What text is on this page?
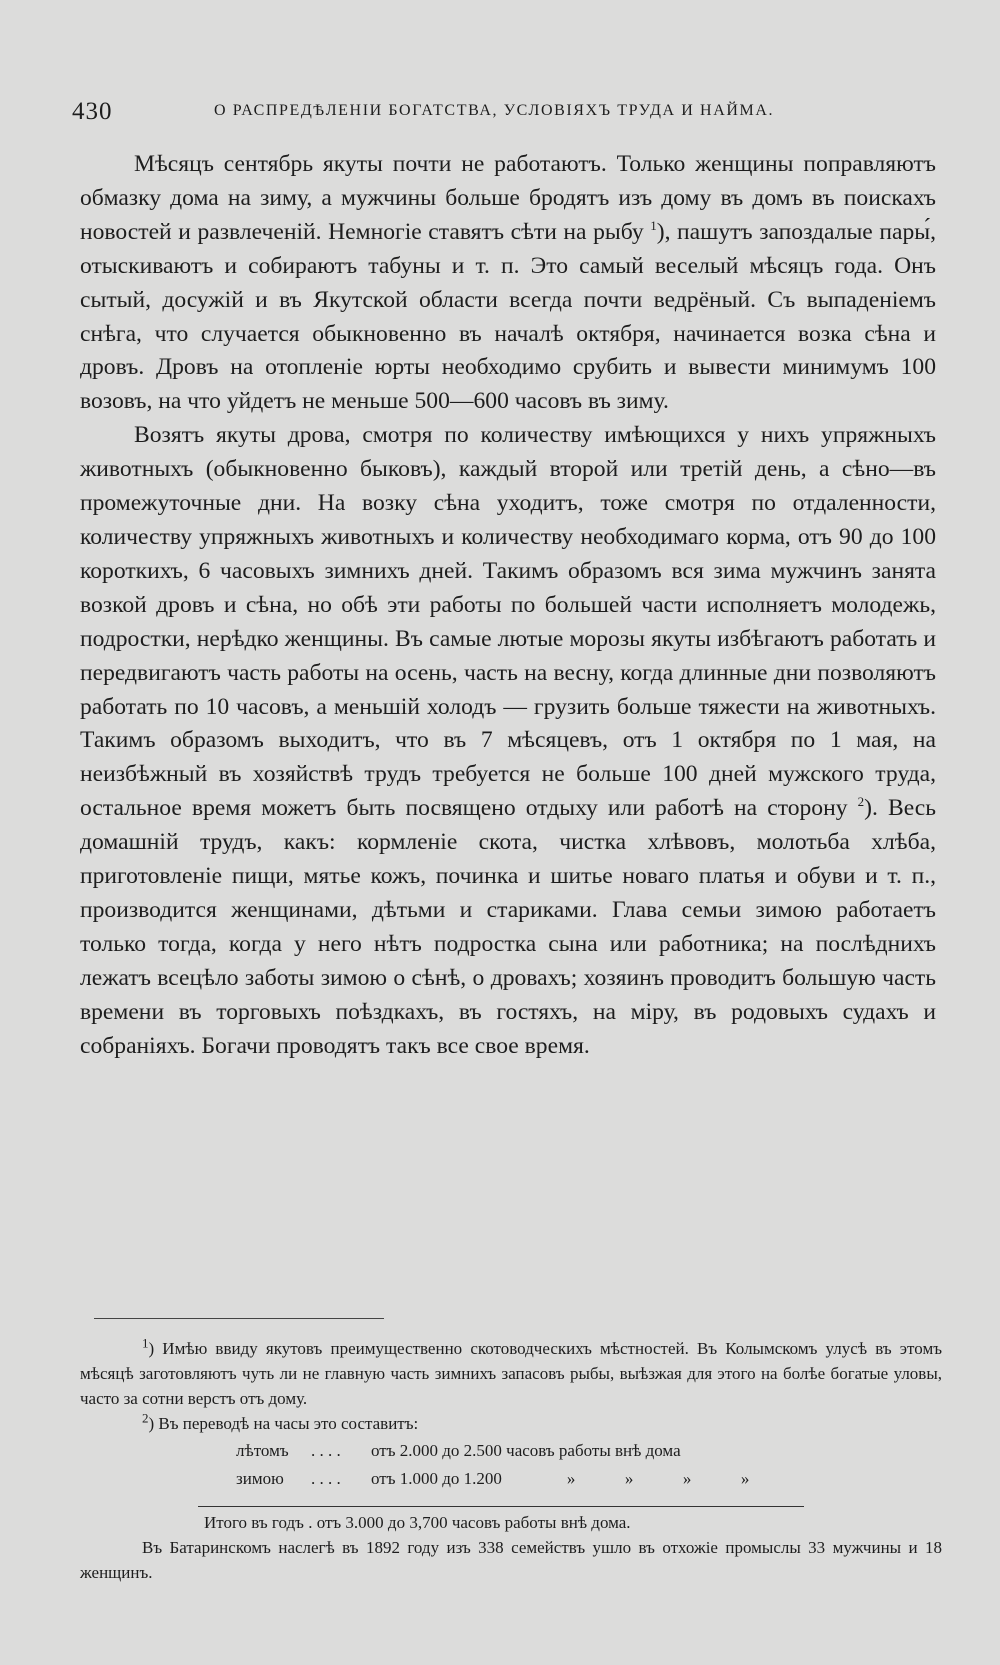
430	О РАСПРЕДѢЛЕНІИ БОГАТСТВА, УСЛОВІЯХЪ ТРУДА И НАЙМА.

Мѣсяцъ сентябрь якуты почти не работаютъ. Только женщины поправляютъ обмазку дома на зиму, а мужчины больше бродятъ изъ дому въ домъ въ поискахъ новостей и развлеченій. Немногіе ставятъ сѣти на рыбу $^1$), пашутъ запоздалые пары́, отыскиваютъ и собираютъ табуны и т. п. Это самый веселый мѣсяцъ года. Онъ сытый, досужій и въ Якутской области всегда почти ведрёный. Съ выпаденіемъ снѣга, что случается обыкновенно въ началѣ октября, начинается возка сѣна и дровъ. Дровъ на отопленіе юрты необходимо срубить и вывести минимумъ 100 возовъ, на что уйдетъ не меньше 500—600 часовъ въ зиму.

Возятъ якуты дрова, смотря по количеству имѣющихся у нихъ упряжныхъ животныхъ (обыкновенно быковъ), каждый второй или третій день, а сѣно—въ промежуточные дни. На возку сѣна уходитъ, тоже смотря по отдаленности, количеству упряжныхъ животныхъ и количеству необходимаго корма, отъ 90 до 100 короткихъ, 6 часовыхъ зимнихъ дней. Такимъ образомъ вся зима мужчинъ занята возкой дровъ и сѣна, но обѣ эти работы по большей части исполняетъ молодежь, подростки, нерѣдко женщины. Въ самые лютые морозы якуты избѣгаютъ работать и передвигаютъ часть работы на осень, часть на весну, когда длинные дни позволяютъ работать по 10 часовъ, а меньшій холодъ — грузить больше тяжести на животныхъ. Такимъ образомъ выходитъ, что въ 7 мѣсяцевъ, отъ 1 октября по 1 мая, на неизбѣжный въ хозяйствѣ трудъ требуется не больше 100 дней мужского труда, остальное время можетъ быть посвящено отдыху или работѣ на сторону $^2$). Весь домашній трудъ, какъ: кормленіе скота, чистка хлѣвовъ, молотьба хлѣба, приготовленіе пищи, мятье кожъ, починка и шитье новаго платья и обуви и т. п., производится женщинами, дѣтьми и стариками. Глава семьи зимою работаетъ только тогда, когда у него нѣтъ подростка сына или работника; на послѣднихъ лежатъ всецѣло заботы зимою о сѣнѣ, о дровахъ; хозяинъ проводитъ большую часть времени въ торговыхъ поѣздкахъ, въ гостяхъ, на міру, въ родовыхъ судахъ и собраніяхъ. Богачи проводятъ такъ все свое время.

$^1$) Имѣю ввиду якутовъ преимущественно скотоводческихъ мѣстностей. Въ Колымскомъ улусѣ въ этомъ мѣсяцѣ заготовляютъ чуть ли не главную часть зимнихъ запасовъ рыбы, выѣзжая для этого на болѣе богатые уловы, часто за сотни верстъ отъ дому.

$^2$) Въ переводѣ на часы это составитъ:

лѣтомъ . . . . отъ 2.000 до 2.500 часовъ работы внѣ дома
зимою . . . . отъ 1.000 до 1.200	»	»	»	»

Итого въ годъ . отъ 3.000 до 3,700 часовъ работы внѣ дома.

Въ Батаринскомъ наслегѣ въ 1892 году изъ 338 семействъ ушло въ отхожіе промыслы 33 мужчины и 18 женщинъ.
